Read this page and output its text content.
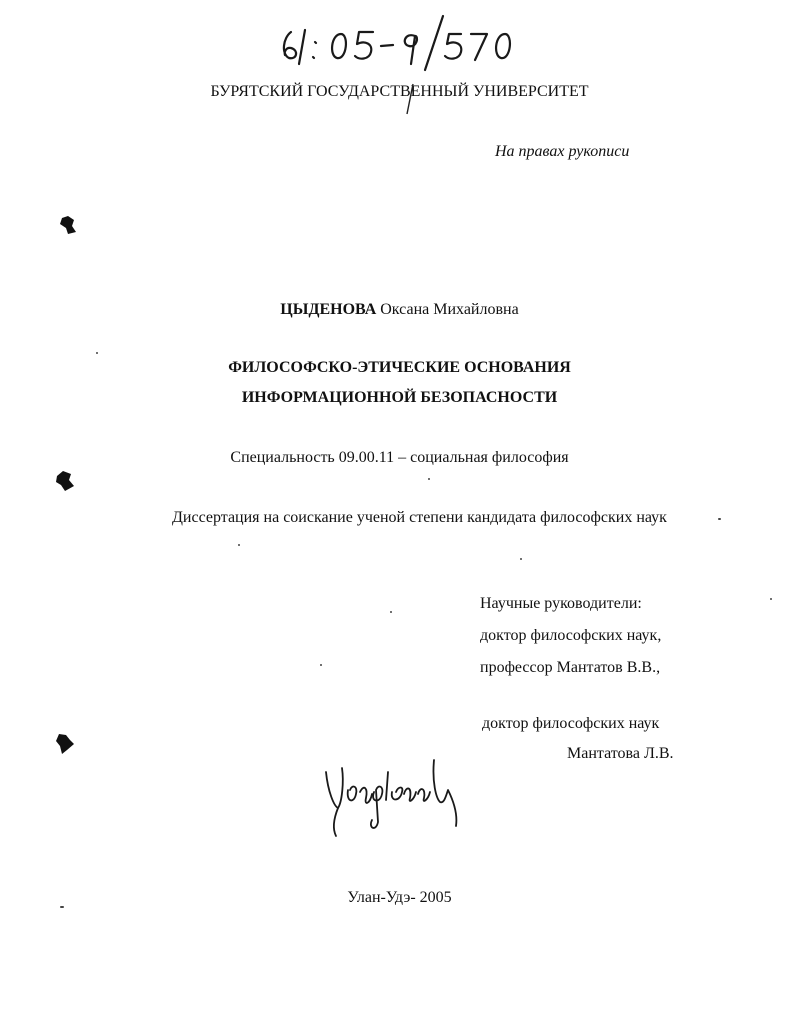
БУРЯТСКИЙ ГОСУДАРСТВЕННЫЙ УНИВЕРСИТЕТ
На правах рукописи
ЦЫДЕНОВА Оксана Михайловна
ФИЛОСОФСКО-ЭТИЧЕСКИЕ ОСНОВАНИЯ
ИНФОРМАЦИОННОЙ БЕЗОПАСНОСТИ
Специальность 09.00.11 – социальная философия
Диссертация на соискание ученой степени кандидата философских наук
Научные руководители:
доктор философских наук,
профессор Мантатов В.В.,
доктор философских наук
Мантатова Л.В.
Улан-Удэ- 2005
